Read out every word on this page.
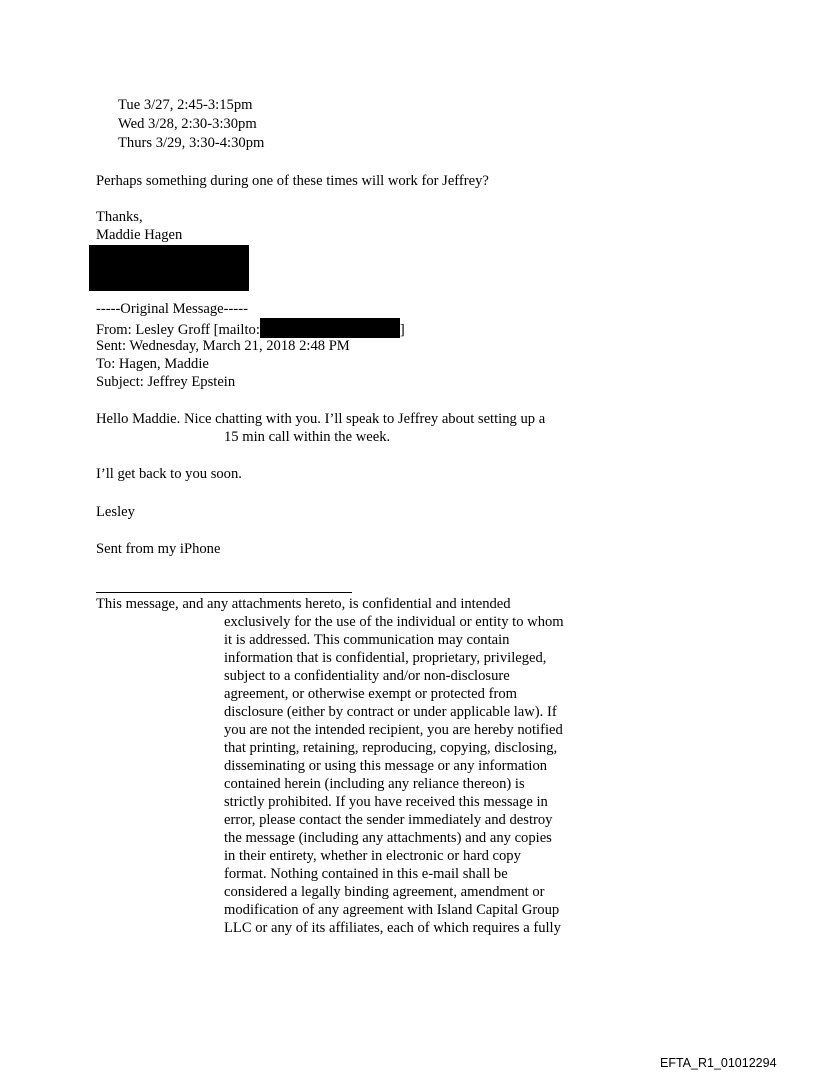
Tue 3/27, 2:45-3:15pm
Wed 3/28, 2:30-3:30pm
Thurs 3/29, 3:30-4:30pm
Perhaps something during one of these times will work for Jeffrey?
Thanks,
Maddie Hagen
-----Original Message-----
From: Lesley Groff [mailto:	]
Sent: Wednesday, March 21, 2018 2:48 PM
To: Hagen, Maddie
Subject: Jeffrey Epstein
Hello Maddie. Nice chatting with you. I’ll speak to Jeffrey about setting up a
15 min call within the week.
I’ll get back to you soon.
Lesley
Sent from my iPhone
This message, and any attachments hereto, is confidential and intended
exclusively for the use of the individual or entity to whom
it is addressed. This communication may contain
information that is confidential, proprietary, privileged,
subject to a confidentiality and/or non-disclosure
agreement, or otherwise exempt or protected from
disclosure (either by contract or under applicable law). If
you are not the intended recipient, you are hereby notified
that printing, retaining, reproducing, copying, disclosing,
disseminating or using this message or any information
contained herein (including any reliance thereon) is
strictly prohibited. If you have received this message in
error, please contact the sender immediately and destroy
the message (including any attachments) and any copies
in their entirety, whether in electronic or hard copy
format. Nothing contained in this e-mail shall be
considered a legally binding agreement, amendment or
modification of any agreement with Island Capital Group
LLC or any of its affiliates, each of which requires a fully
EFTA_R1_01012294
